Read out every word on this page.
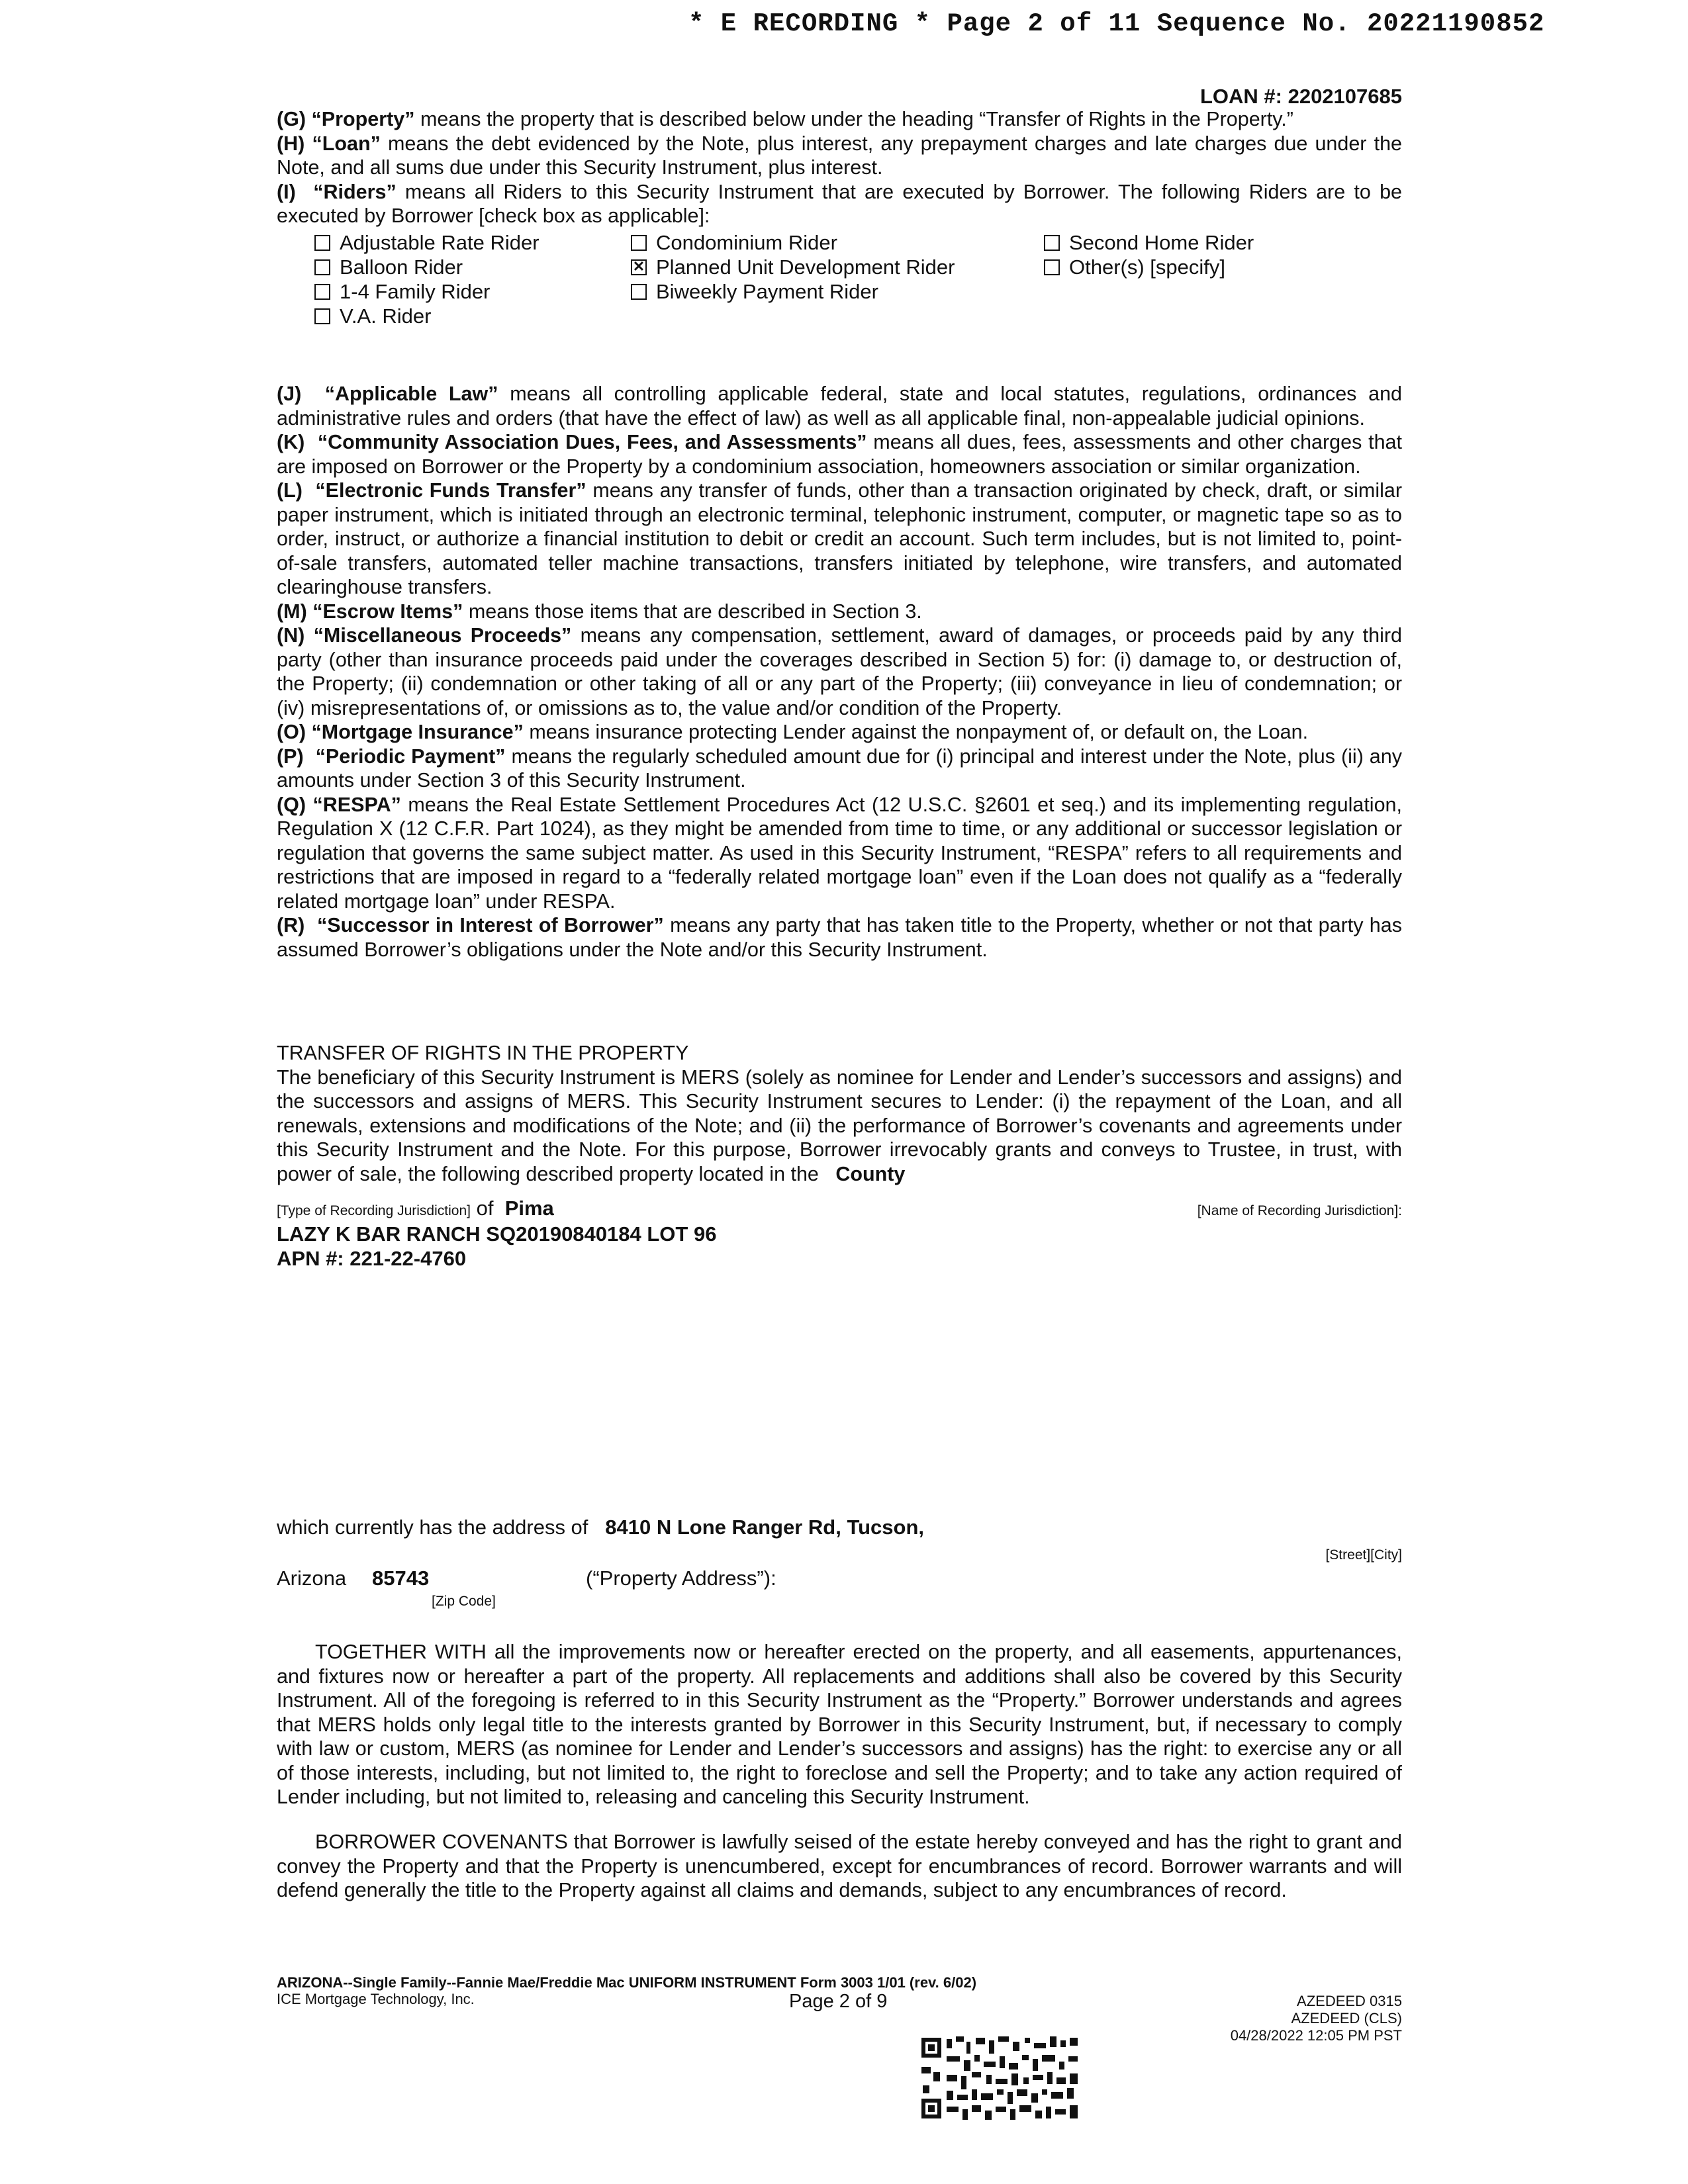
* E RECORDING * Page 2 of 11 Sequence No. 20221190852
LOAN #: 2202107685

(G) “Property” means the property that is described below under the heading “Transfer of Rights in the Property.”

(H) “Loan” means the debt evidenced by the Note, plus interest, any prepayment charges and late charges due under the Note, and all sums due under this Security Instrument, plus interest.

(I) “Riders” means all Riders to this Security Instrument that are executed by Borrower. The following Riders are to be executed by Borrower [check box as applicable]:

Adjustable Rate Rider
Balloon Rider
1-4 Family Rider
V.A. Rider
Condominium Rider
✕ Planned Unit Development Rider
Biweekly Payment Rider
Second Home Rider
Other(s) [specify]

(J) “Applicable Law” means all controlling applicable federal, state and local statutes, regulations, ordinances and administrative rules and orders (that have the effect of law) as well as all applicable final, non-appealable judicial opinions.

(K) “Community Association Dues, Fees, and Assessments” means all dues, fees, assessments and other charges that are imposed on Borrower or the Property by a condominium association, homeowners association or similar organization.

(L) “Electronic Funds Transfer” means any transfer of funds, other than a transaction originated by check, draft, or similar paper instrument, which is initiated through an electronic terminal, telephonic instrument, computer, or magnetic tape so as to order, instruct, or authorize a financial institution to debit or credit an account. Such term includes, but is not limited to, point-of-sale transfers, automated teller machine transactions, transfers initiated by telephone, wire transfers, and automated clearinghouse transfers.

(M) “Escrow Items” means those items that are described in Section 3.

(N) “Miscellaneous Proceeds” means any compensation, settlement, award of damages, or proceeds paid by any third party (other than insurance proceeds paid under the coverages described in Section 5) for: (i) damage to, or destruction of, the Property; (ii) condemnation or other taking of all or any part of the Property; (iii) conveyance in lieu of condemnation; or (iv) misrepresentations of, or omissions as to, the value and/or condition of the Property.

(O) “Mortgage Insurance” means insurance protecting Lender against the nonpayment of, or default on, the Loan.

(P) “Periodic Payment” means the regularly scheduled amount due for (i) principal and interest under the Note, plus (ii) any amounts under Section 3 of this Security Instrument.

(Q) “RESPA” means the Real Estate Settlement Procedures Act (12 U.S.C. §2601 et seq.) and its implementing regulation, Regulation X (12 C.F.R. Part 1024), as they might be amended from time to time, or any additional or successor legislation or regulation that governs the same subject matter. As used in this Security Instrument, “RESPA” refers to all requirements and restrictions that are imposed in regard to a “federally related mortgage loan” even if the Loan does not qualify as a “federally related mortgage loan” under RESPA.

(R) “Successor in Interest of Borrower” means any party that has taken title to the Property, whether or not that party has assumed Borrower’s obligations under the Note and/or this Security Instrument.

TRANSFER OF RIGHTS IN THE PROPERTY

The beneficiary of this Security Instrument is MERS (solely as nominee for Lender and Lender’s successors and assigns) and the successors and assigns of MERS. This Security Instrument secures to Lender: (i) the repayment of the Loan, and all renewals, extensions and modifications of the Note; and (ii) the performance of Borrower’s covenants and agreements under this Security Instrument and the Note. For this purpose, Borrower irrevocably grants and conveys to Trustee, in trust, with power of sale, the following described property located in the County

[Type of Recording Jurisdiction] of Pima	[Name of Recording Jurisdiction]:
LAZY K BAR RANCH SQ20190840184 LOT 96
APN #: 221-22-4760
which currently has the address of 8410 N Lone Ranger Rd, Tucson,
[Street][City]
Arizona 85743	(“Property Address”):
[Zip Code]

TOGETHER WITH all the improvements now or hereafter erected on the property, and all easements, appurtenances, and fixtures now or hereafter a part of the property. All replacements and additions shall also be covered by this Security Instrument. All of the foregoing is referred to in this Security Instrument as the “Property.” Borrower understands and agrees that MERS holds only legal title to the interests granted by Borrower in this Security Instrument, but, if necessary to comply with law or custom, MERS (as nominee for Lender and Lender’s successors and assigns) has the right: to exercise any or all of those interests, including, but not limited to, the right to foreclose and sell the Property; and to take any action required of Lender including, but not limited to, releasing and canceling this Security Instrument.

BORROWER COVENANTS that Borrower is lawfully seised of the estate hereby conveyed and has the right to grant and convey the Property and that the Property is unencumbered, except for encumbrances of record. Borrower warrants and will defend generally the title to the Property against all claims and demands, subject to any encumbrances of record.

ARIZONA--Single Family--Fannie Mae/Freddie Mac UNIFORM INSTRUMENT Form 3003 1/01 (rev. 6/02)
ICE Mortgage Technology, Inc.	Page 2 of 9	AZEDEED 0315
AZEDEED (CLS)
04/28/2022 12:05 PM PST
